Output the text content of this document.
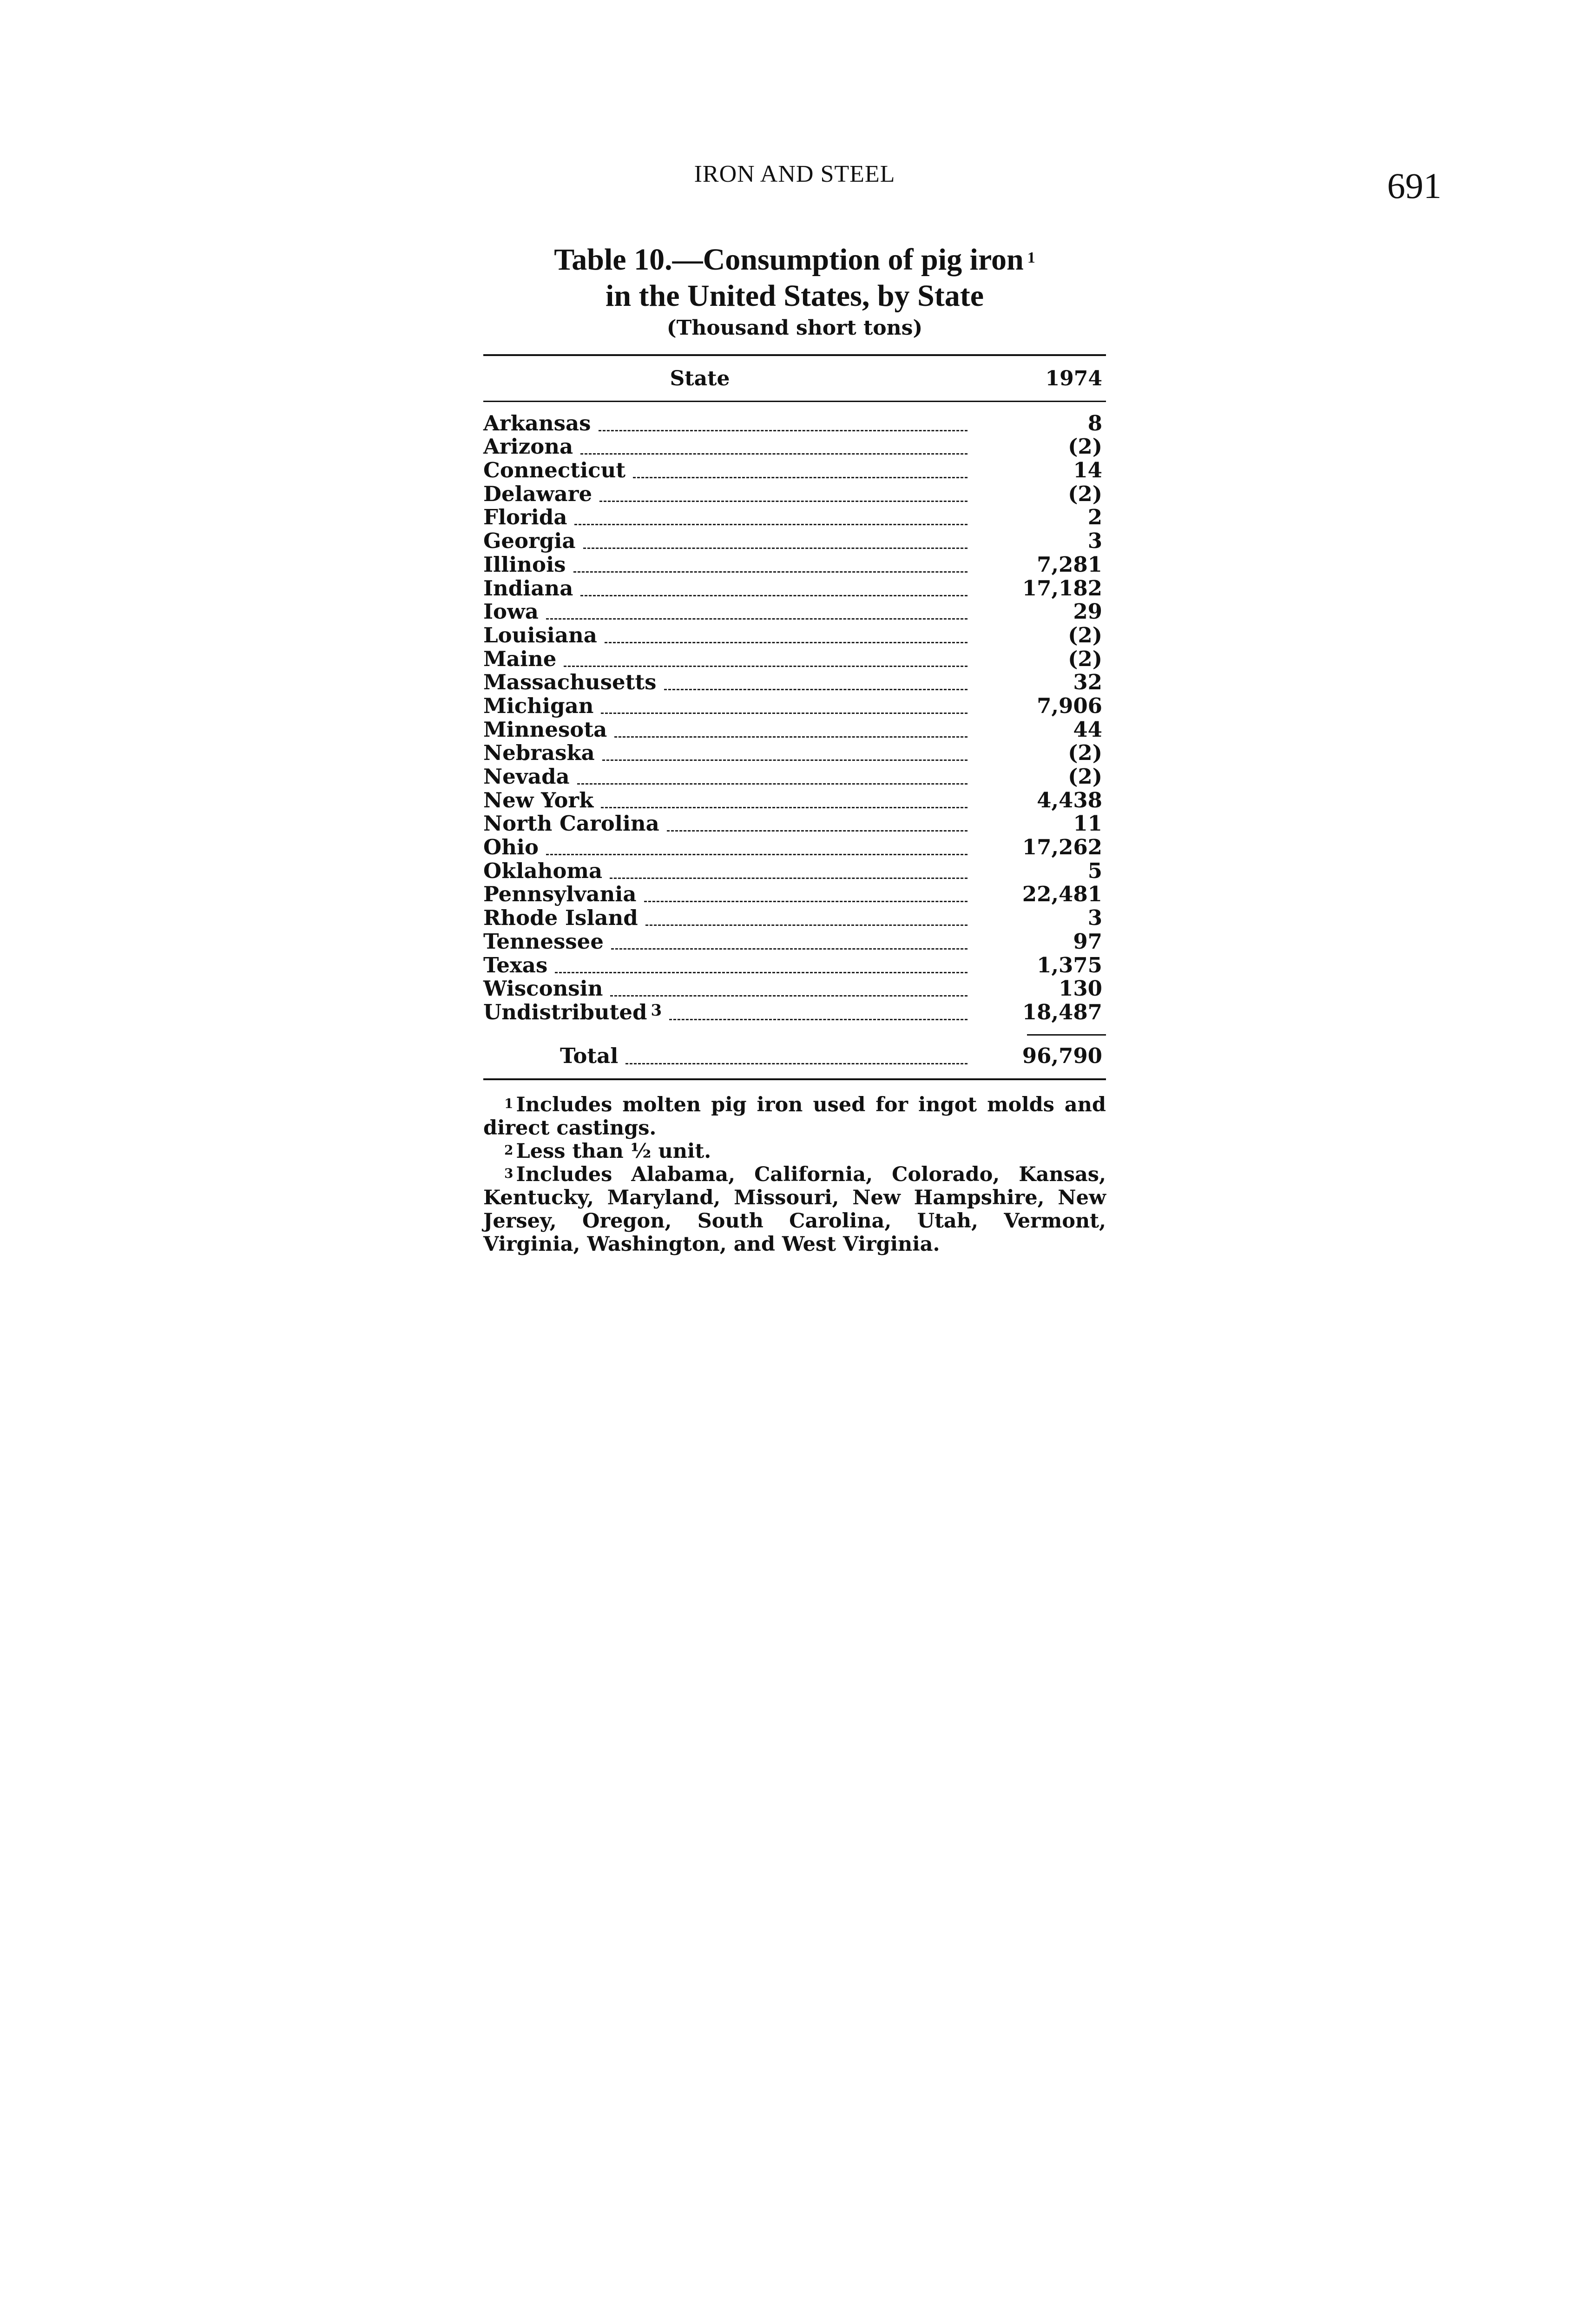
IRON AND STEEL	691
Table 10.—Consumption of pig iron $^1$
in the United States, by State
(Thousand short tons)
State	1974
Arkansas	8
Arizona	(2)
Connecticut	14
Delaware	(2)
Florida	2
Georgia	3
Illinois	7,281
Indiana	17,182
Iowa	29
Louisiana	(2)
Maine	(2)
Massachusetts	32
Michigan	7,906
Minnesota	44
Nebraska	(2)
Nevada	(2)
New York	4,438
North Carolina	11
Ohio	17,262
Oklahoma	5
Pennsylvania	22,481
Rhode Island	3
Tennessee	97
Texas	1,375
Wisconsin	130
Undistributed $^3$	18,487
Total	96,790

$^1$ Includes molten pig iron used for ingot molds and direct castings.

$^2$ Less than ½ unit.

$^3$ Includes Alabama, California, Colorado, Kansas, Kentucky, Maryland, Missouri, New Hampshire, New Jersey, Oregon, South Carolina, Utah, Vermont, Virginia, Washington, and West Virginia.
